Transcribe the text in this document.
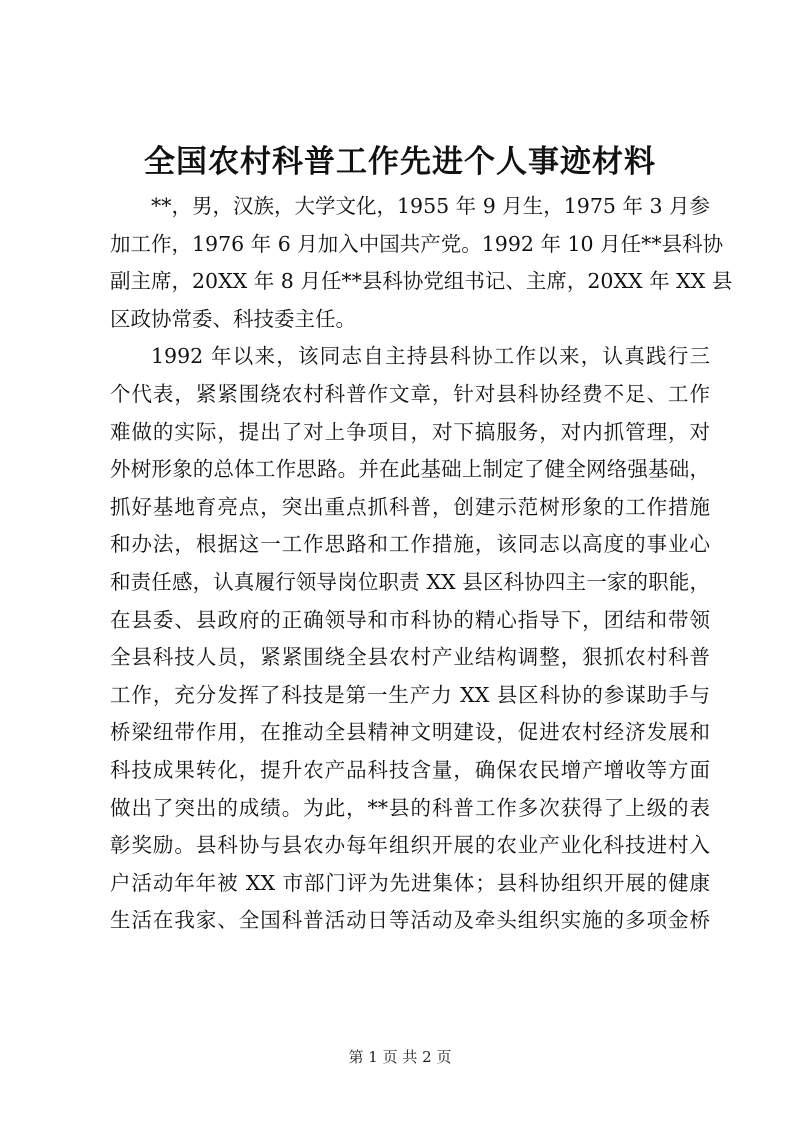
全国农村科普工作先进个人事迹材料

**，男，汉族，大学文化，1955 年 9 月生，1975 年 3 月参

加工作，1976 年 6 月加入中国共产党。1992 年 10 月任**县科协

副主席，20XX 年 8 月任**县科协党组书记、主席，20XX 年 XX 县

区政协常委、科技委主任。

1992 年以来，该同志自主持县科协工作以来，认真践行三

个代表，紧紧围绕农村科普作文章，针对县科协经费不足、工作

难做的实际，提出了对上争项目，对下搞服务，对内抓管理，对

外树形象的总体工作思路。并在此基础上制定了健全网络强基础，

抓好基地育亮点，突出重点抓科普，创建示范树形象的工作措施

和办法，根据这一工作思路和工作措施，该同志以高度的事业心

和责任感，认真履行领导岗位职责 XX 县区科协四主一家的职能，

在县委、县政府的正确领导和市科协的精心指导下，团结和带领

全县科技人员，紧紧围绕全县农村产业结构调整，狠抓农村科普

工作，充分发挥了科技是第一生产力 XX 县区科协的参谋助手与

桥梁纽带作用，在推动全县精神文明建设，促进农村经济发展和

科技成果转化，提升农产品科技含量，确保农民增产增收等方面

做出了突出的成绩。为此，**县的科普工作多次获得了上级的表

彰奖励。县科协与县农办每年组织开展的农业产业化科技进村入

户活动年年被 XX 市部门评为先进集体；县科协组织开展的健康

生活在我家、全国科普活动日等活动及牵头组织实施的多项金桥

第 1 页 共 2 页
